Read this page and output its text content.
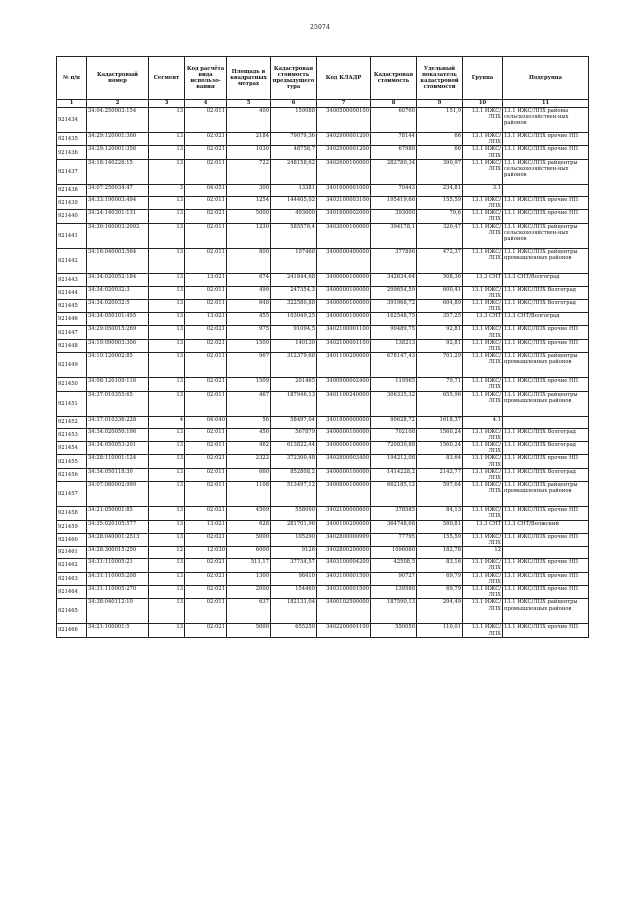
25074
№ п/п	Кадастровый номер	Сегмент	Код расчёта вида использо-вания	Площадь в квадратных метрах	Кадастровая стоимость предыдущего тура	Код КЛАДР	Кадастровая стоимость	Удельный показатель кадастровой стоимости	Группа	Подгруппа
1	2	3	4	5	6	7	8	9	10	11
921434	34:04:250003:154	13	02:011	400	159088	3400500000100	60760	151,9	13.1 ИЖС/ЛПХ	13.1 ИЖС/ЛПХ районы сельскохозяйствен-ных районов
921435	34:29:120001:360	13	02:021	2184	79079,36	3402900001200	78144	66	13.1 ИЖС/ЛПХ	13.1 ИЖС/ЛПХ прочие НП
921436	34:29:120001:356	13	02:021	1030	48758,7	3402900001200	67980	66	13.1 ИЖС/ЛПХ	13.1 ИЖС/ЛПХ прочие НП
921437	34:18:140226:15	13	02:011	722	248158,62	3402600100000	282780,34	390,97	13.1 ИЖС/ЛПХ	13.1 ИЖС/ЛПХ райцентры сельскохозяйствен-ных районов
921438	34:07:250034:47	3	04:051	300	13381	3401600001000	70443	234,81	3.1	
921439	34:33:190003:494	13	02:011	1254	144405,02	3403100003100	195419,66	155,59	13.1 ИЖС/ЛПХ	13.1 ИЖС/ЛПХ прочие НП
921440	34:24:140301:131	13	02:021	5000	493600	3401600002000	393000	79,6	13.1 ИЖС/ЛПХ	13.1 ИЖС/ЛПХ прочие НП
921441	34:30:160003:2092	13	02:011	1230	585578,4	3403000100000	394178,1	320,47	13.1 ИЖС/ЛПХ	13.1 ИЖС/ЛПХ райцентры сельскохозяйствен-ных районов
921442	34:16:040003:564	13	02:011	800	197468	3400000400000	377896	472,37	13.1 ИЖС/ЛПХ	13.1 ИЖС/ЛПХ райцентры промышленных районов
921443	34:34:020052:184	13	13:021	674	241844,68	3400000100000	342634,64	508,36	13.3 СНТ	13.3 СНТ/Волгоград
921444	34:34:020032:3	13	02:011	499	247354,3	3400000100000	299654,59	600,41	13.1 ИЖС/ЛПХ	13.1 ИЖС/ЛПХ Волгоград
921445	34:34:020032:5	13	02:011	648	322580,88	3400000100000	391968,72	604,89	13.1 ИЖС/ЛПХ	13.1 ИЖС/ЛПХ Волгоград
921446	34:34:050101:495	13	13:021	455	103049,25	3400000100000	162548,75	357,25	13.3 СНТ	13.3 СНТ/Волгоград
921447	34:29:050015:269	13	02:021	975	91094,5	3402100001100	90489,75	92,81	13.1 ИЖС/ЛПХ	13.1 ИЖС/ЛПХ прочие НП
921448	34:19:090003:306	13	02:021	1500	140130	3402100001100	138213	92,81	13.1 ИЖС/ЛПХ	13.1 ИЖС/ЛПХ прочие НП
921449	34:10:120002:85	13	02:011	967	312379,68	3401100200000	678147,43	701,29	13.1 ИЖС/ЛПХ	13.1 ИЖС/ЛПХ райцентры промышленных районов
921450	34:08:120109:116	13	02:021	1509	201465	3400900002400	119565	79,71	13.1 ИЖС/ЛПХ	13.1 ИЖС/ЛПХ прочие НП
921451	34:37:010355:65	13	02:011	467	187946,13	3401100240000	306335,32	655,96	13.1 ИЖС/ЛПХ	13.1 ИЖС/ЛПХ райцентры промышленных районов
921452	34:37:010336:228	4	04:040	56	58497,04	3401800000000	90628,72	1618,37	4.1	
921453	34:34:020050:196	13	02:011	450	567879	3400000100000	702108	1560,24	13.1 ИЖС/ЛПХ	13.1 ИЖС/ЛПХ Волгоград
921454	34:34:050053:201	13	02:011	462	613822,44	3400000100000	720830,88	1560,24	13.1 ИЖС/ЛПХ	13.1 ИЖС/ЛПХ Волгоград
921455	34:28:110001:124	13	02:021	2322	372300,48	3402800003400	194212,08	83,64	13.1 ИЖС/ЛПХ	13.1 ИЖС/ЛПХ прочие НП
921456	34:34:050118:30	13	02:011	660	852808,2	3400000100000	1414228,2	2142,77	13.1 ИЖС/ЛПХ	13.1 ИЖС/ЛПХ Волгоград
921457	34:07:080002:999	13	02:011	1108	513497,12	3400800100000	662185,12	597,64	13.1 ИЖС/ЛПХ	13.1 ИЖС/ЛПХ райцентры промышленных районов
921458	34:21:050001:85	13	02:021	4509	558090	3402100000600	378585	84,13	13.1 ИЖС/ЛПХ	13.1 ИЖС/ЛПХ прочие НП
921459	34:35:020105:577	13	13:021	628	281701,96	3400100200000	364748,68	580,81	13.3 СНТ	13.3 СНТ/Волжский
921460	34:28:040001:2513	13	02:021	5000	105290	3402800000999	77795	155,59	13.1 ИЖС/ЛПХ	13.1 ИЖС/ЛПХ прочие НП
921461	34:28:300015:250	12	12:030	6000	9126	3402800200000	1096080	182,78	12	
921462	34:31:110005:21	13	02:021	511,17	37734,57	3403100004200	42508,5	83,16	13.1 ИЖС/ЛПХ	13.1 ИЖС/ЛПХ прочие НП
921463	34:31:110005:208	13	02:021	1300	98410	3403100001500	90727	69,79	13.1 ИЖС/ЛПХ	13.1 ИЖС/ЛПХ прочие НП
921464	34:31:110005:270	13	02:021	2000	154460	3403100001500	139580	69,79	13.1 ИЖС/ЛПХ	13.1 ИЖС/ЛПХ прочие НП
921465	34:38:040112:10	13	02:011	637	182131,04	3400102500000	187590,13	294,49	13.1 ИЖС/ЛПХ	13.1 ИЖС/ЛПХ райцентры промышленных районов
921466	34:21:100001:5	13	02:021	5000	655250	3402200001100	550050	110,01	13.1 ИЖС/ЛПХ	13.1 ИЖС/ЛПХ прочие НП
